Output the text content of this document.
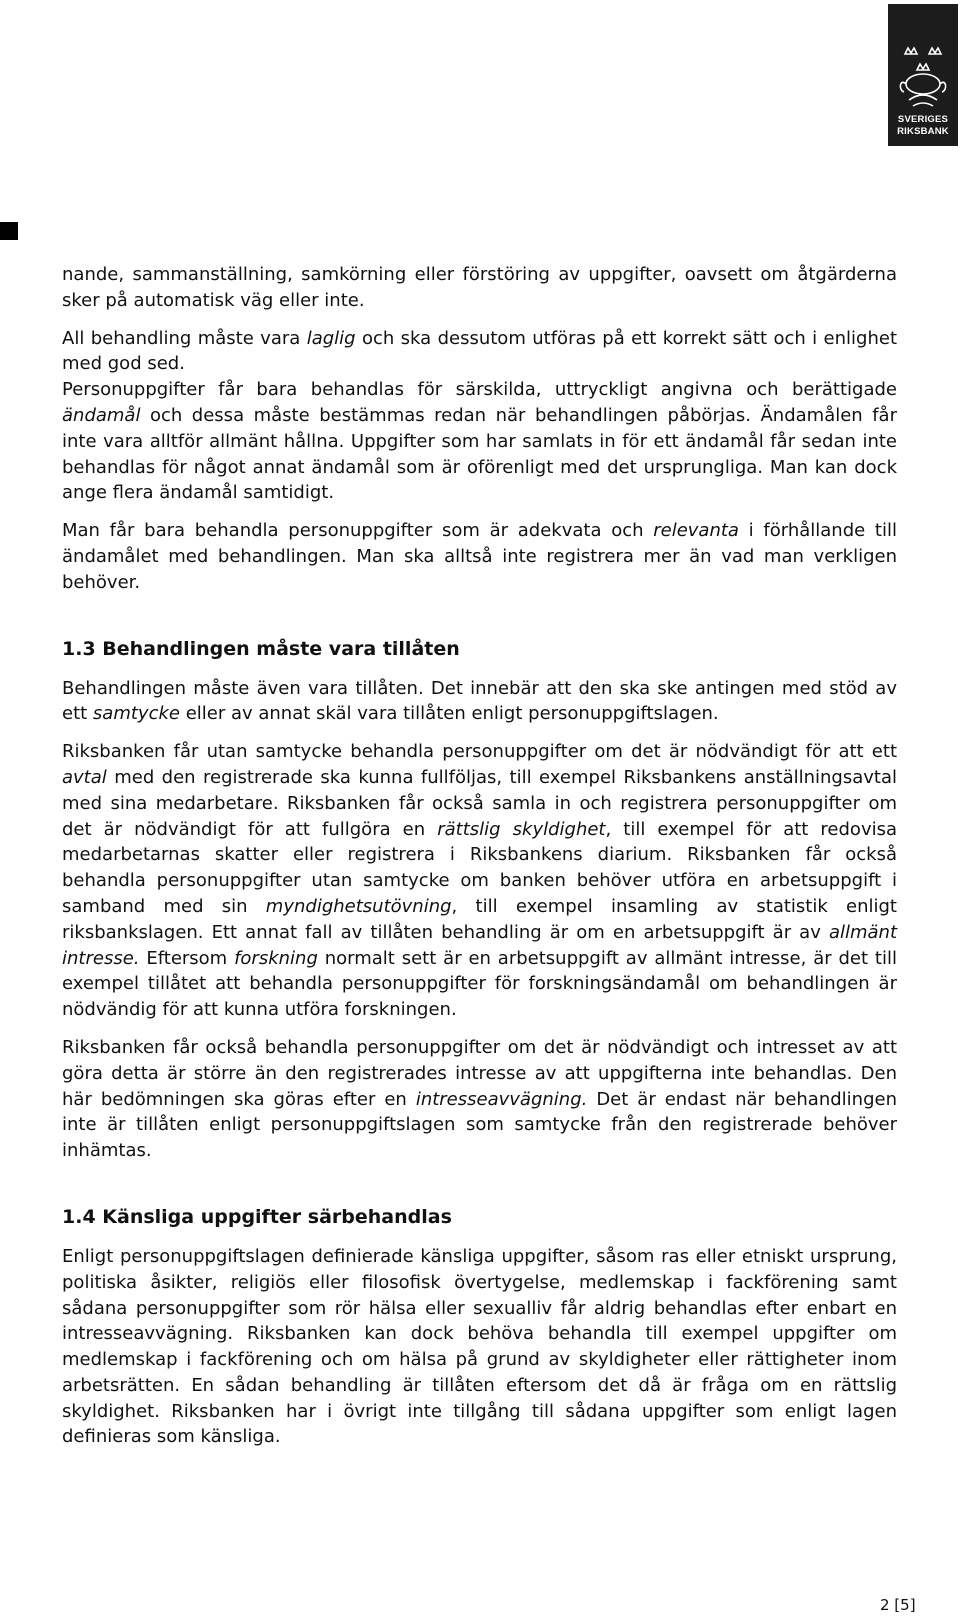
SVERIGES
RIKSBANK

nande, sammanställning, samkörning eller förstöring av uppgifter, oavsett om åtgärderna sker på automatisk väg eller inte.

All behandling måste vara laglig och ska dessutom utföras på ett korrekt sätt och i enlighet med god sed.

Personuppgifter får bara behandlas för särskilda, uttryckligt angivna och berättigade ändamål och dessa måste bestämmas redan när behandlingen påbörjas. Ändamålen får inte vara alltför allmänt hållna. Uppgifter som har samlats in för ett ändamål får sedan inte behandlas för något annat ändamål som är oförenligt med det ursprungliga. Man kan dock ange flera ändamål samtidigt.

Man får bara behandla personuppgifter som är adekvata och relevanta i förhållande till ändamålet med behandlingen. Man ska alltså inte registrera mer än vad man verkligen behöver.

1.3 Behandlingen måste vara tillåten

Behandlingen måste även vara tillåten. Det innebär att den ska ske antingen med stöd av ett samtycke eller av annat skäl vara tillåten enligt personuppgiftslagen.

Riksbanken får utan samtycke behandla personuppgifter om det är nödvändigt för att ett avtal med den registrerade ska kunna fullföljas, till exempel Riksbankens anställningsavtal med sina medarbetare. Riksbanken får också samla in och registrera personuppgifter om det är nödvändigt för att fullgöra en rättslig skyldighet, till exempel för att redovisa medarbetarnas skatter eller registrera i Riksbankens diarium. Riksbanken får också behandla personuppgifter utan samtycke om banken behöver utföra en arbetsuppgift i samband med sin myndighetsutövning, till exempel insamling av statistik enligt riksbankslagen. Ett annat fall av tillåten behandling är om en arbetsuppgift är av allmänt intresse. Eftersom forskning normalt sett är en arbetsuppgift av allmänt intresse, är det till exempel tillåtet att behandla personuppgifter för forskningsändamål om behandlingen är nödvändig för att kunna utföra forskningen.

Riksbanken får också behandla personuppgifter om det är nödvändigt och intresset av att göra detta är större än den registrerades intresse av att uppgifterna inte behandlas. Den här bedömningen ska göras efter en intresseavvägning. Det är endast när behandlingen inte är tillåten enligt personuppgiftslagen som samtycke från den registrerade behöver inhämtas.

1.4 Känsliga uppgifter särbehandlas

Enligt personuppgiftslagen definierade känsliga uppgifter, såsom ras eller etniskt ursprung, politiska åsikter, religiös eller filosofisk övertygelse, medlemskap i fackförening samt sådana personuppgifter som rör hälsa eller sexualliv får aldrig behandlas efter enbart en intresseavvägning. Riksbanken kan dock behöva behandla till exempel uppgifter om medlemskap i fackförening och om hälsa på grund av skyldigheter eller rättigheter inom arbetsrätten. En sådan behandling är tillåten eftersom det då är fråga om en rättslig skyldighet. Riksbanken har i övrigt inte tillgång till sådana uppgifter som enligt lagen definieras som känsliga.

2 [5]
